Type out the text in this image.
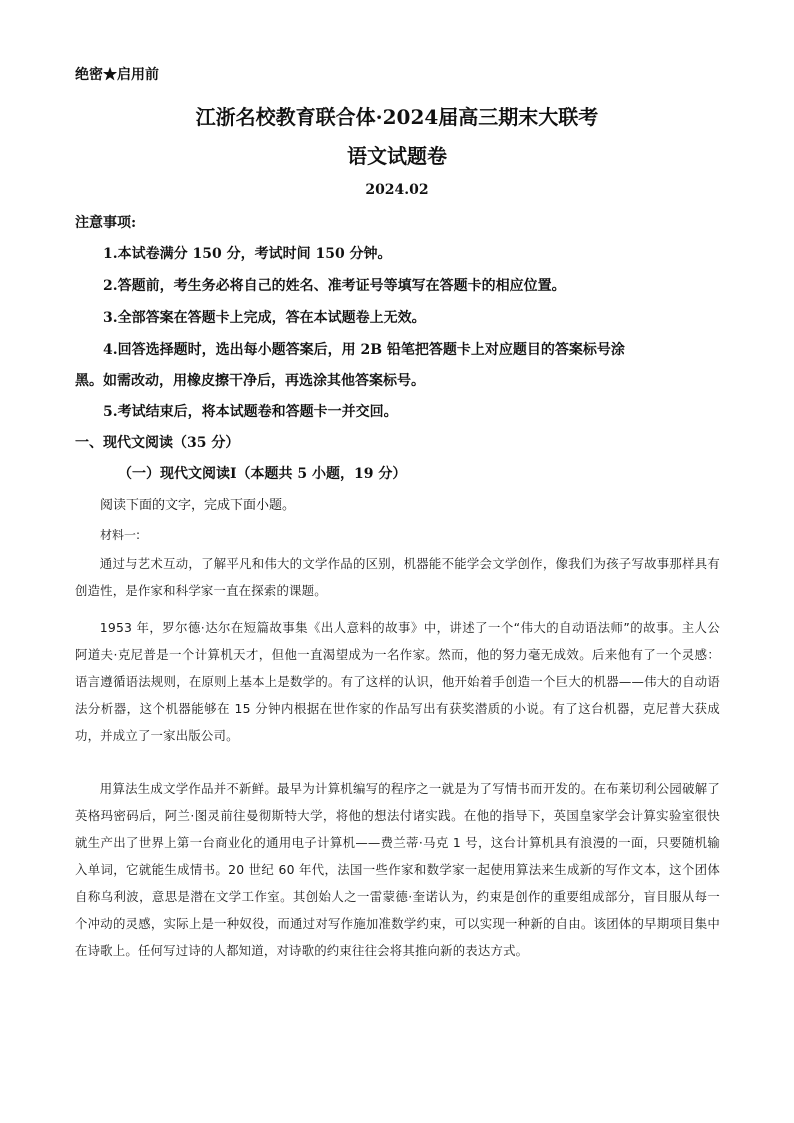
绝密★启用前
江浙名校教育联合体·2024届高三期末大联考
语文试题卷
2024.02
注意事项:
1.本试卷满分 150 分，考试时间 150 分钟。
2.答题前，考生务必将自己的姓名、准考证号等填写在答题卡的相应位置。
3.全部答案在答题卡上完成，答在本试题卷上无效。
4.回答选择题时，选出每小题答案后，用 2B 铅笔把答题卡上对应题目的答案标号涂
黑。如需改动，用橡皮擦干净后，再选涂其他答案标号。
5.考试结束后，将本试题卷和答题卡一并交回。
一、现代文阅读（35 分）
（一）现代文阅读Ⅰ（本题共 5 小题，19 分）
阅读下面的文字，完成下面小题。
材料一:
通过与艺术互动，了解平凡和伟大的文学作品的区别，机器能不能学会文学创作，像我们为孩子写故事那样具有创造性，是作家和科学家一直在探索的课题。
1953 年，罗尔德·达尔在短篇故事集《出人意料的故事》中，讲述了一个“伟大的自动语法师”的故事。主人公阿道夫·克尼普是一个计算机天才，但他一直渴望成为一名作家。然而，他的努力毫无成效。后来他有了一个灵感：语言遵循语法规则，在原则上基本上是数学的。有了这样的认识，他开始着手创造一个巨大的机器——伟大的自动语法分析器，这个机器能够在 15 分钟内根据在世作家的作品写出有获奖潜质的小说。有了这台机器，克尼普大获成功，并成立了一家出版公司。
用算法生成文学作品并不新鲜。最早为计算机编写的程序之一就是为了写情书而开发的。在布莱切利公园破解了英格玛密码后，阿兰·图灵前往曼彻斯特大学，将他的想法付诸实践。在他的指导下，英国皇家学会计算实验室很快就生产出了世界上第一台商业化的通用电子计算机——费兰蒂·马克 1 号，这台计算机具有浪漫的一面，只要随机输入单词，它就能生成情书。20 世纪 60 年代，法国一些作家和数学家一起使用算法来生成新的写作文本，这个团体自称乌利波，意思是潜在文学工作室。其创始人之一雷蒙德·奎诺认为，约束是创作的重要组成部分，盲目服从每一个冲动的灵感，实际上是一种奴役，而通过对写作施加准数学约束，可以实现一种新的自由。该团体的早期项目集中在诗歌上。任何写过诗的人都知道，对诗歌的约束往往会将其推向新的表达方式。
